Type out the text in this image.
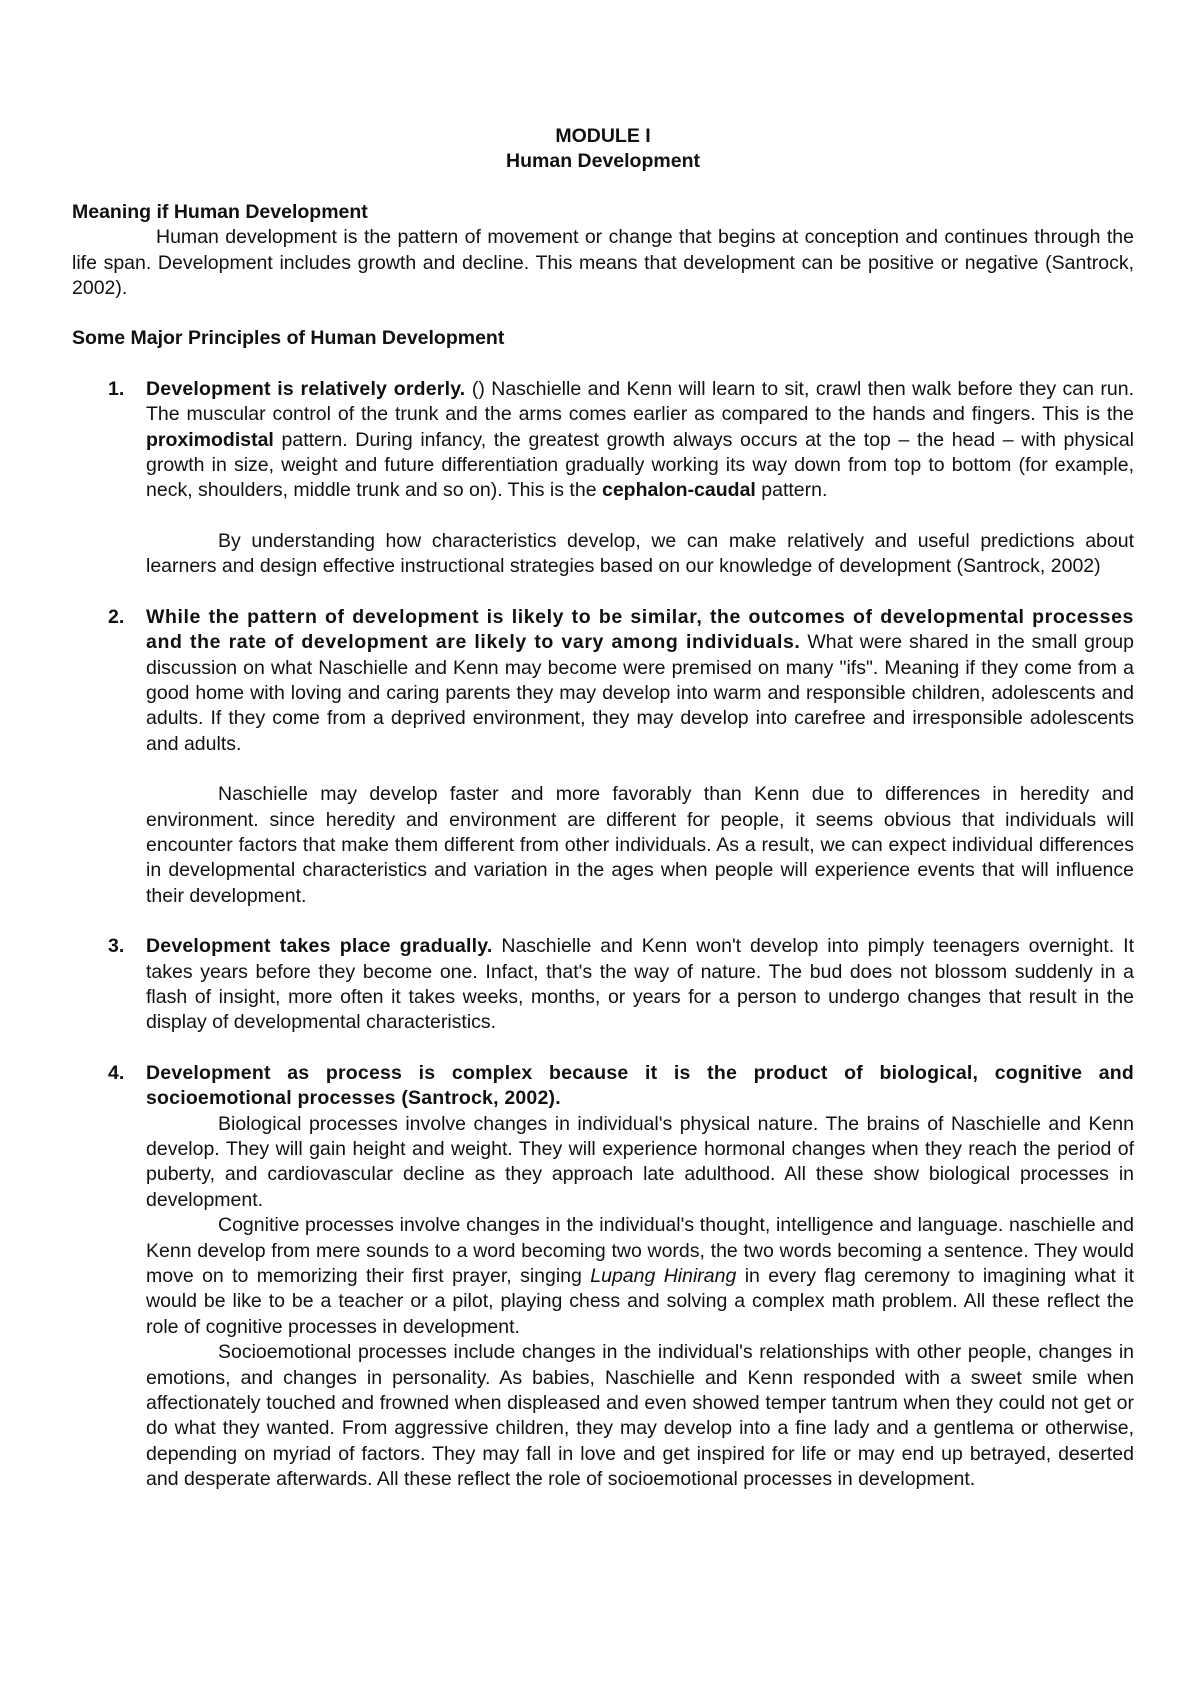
MODULE I
Human Development
Meaning if Human Development

Human development is the pattern of movement or change that begins at conception and continues through the life span. Development includes growth and decline. This means that development can be positive or negative (Santrock, 2002).

Some Major Principles of Human Development
1. Development is relatively orderly. () Naschielle and Kenn will learn to sit, crawl then walk before they can run. The muscular control of the trunk and the arms comes earlier as compared to the hands and fingers. This is the proximodistal pattern. During infancy, the greatest growth always occurs at the top – the head – with physical growth in size, weight and future differentiation gradually working its way down from top to bottom (for example, neck, shoulders, middle trunk and so on). This is the cephalon-caudal pattern.

By understanding how characteristics develop, we can make relatively and useful predictions about learners and design effective instructional strategies based on our knowledge of development (Santrock, 2002)

2. While the pattern of development is likely to be similar, the outcomes of developmental processes and the rate of development are likely to vary among individuals. What were shared in the small group discussion on what Naschielle and Kenn may become were premised on many "ifs". Meaning if they come from a good home with loving and caring parents they may develop into warm and responsible children, adolescents and adults. If they come from a deprived environment, they may develop into carefree and irresponsible adolescents and adults.

Naschielle may develop faster and more favorably than Kenn due to differences in heredity and environment. since heredity and environment are different for people, it seems obvious that individuals will encounter factors that make them different from other individuals. As a result, we can expect individual differences in developmental characteristics and variation in the ages when people will experience events that will influence their development.

3. Development takes place gradually. Naschielle and Kenn won't develop into pimply teenagers overnight. It takes years before they become one. Infact, that's the way of nature. The bud does not blossom suddenly in a flash of insight, more often it takes weeks, months, or years for a person to undergo changes that result in the display of developmental characteristics.

4. Development as process is complex because it is the product of biological, cognitive and socioemotional processes (Santrock, 2002).

Biological processes involve changes in individual's physical nature. The brains of Naschielle and Kenn develop. They will gain height and weight. They will experience hormonal changes when they reach the period of puberty, and cardiovascular decline as they approach late adulthood. All these show biological processes in development.

Cognitive processes involve changes in the individual's thought, intelligence and language. naschielle and Kenn develop from mere sounds to a word becoming two words, the two words becoming a sentence. They would move on to memorizing their first prayer, singing Lupang Hinirang in every flag ceremony to imagining what it would be like to be a teacher or a pilot, playing chess and solving a complex math problem. All these reflect the role of cognitive processes in development.

Socioemotional processes include changes in the individual's relationships with other people, changes in emotions, and changes in personality. As babies, Naschielle and Kenn responded with a sweet smile when affectionately touched and frowned when displeased and even showed temper tantrum when they could not get or do what they wanted. From aggressive children, they may develop into a fine lady and a gentlema or otherwise, depending on myriad of factors. They may fall in love and get inspired for life or may end up betrayed, deserted and desperate afterwards. All these reflect the role of socioemotional processes in development.
